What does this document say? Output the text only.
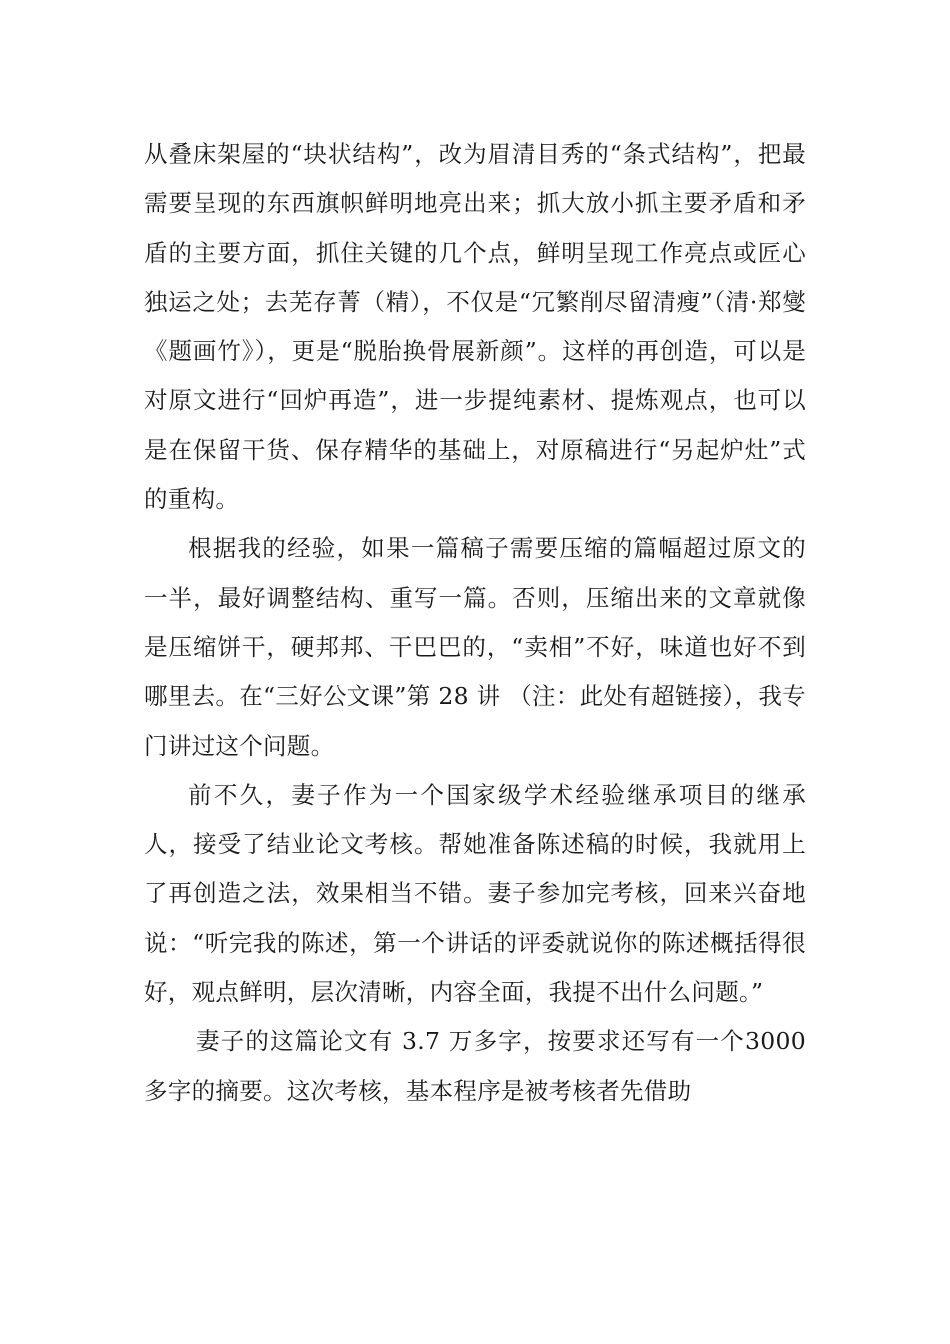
从叠床架屋的“块状结构”，改为眉清目秀的“条式结构”，把最需要呈现的东西旗帜鲜明地亮出来；抓大放小抓主要矛盾和矛盾的主要方面，抓住关键的几个点，鲜明呈现工作亮点或匠心独运之处；去芜存菁（精），不仅是“冗繁削尽留清瘦”（清·郑燮《题画竹》），更是“脱胎换骨展新颜”。这样的再创造，可以是对原文进行“回炉再造”，进一步提纯素材、提炼观点，也可以是在保留干货、保存精华的基础上，对原稿进行“另起炉灶”式的重构。

根据我的经验，如果一篇稿子需要压缩的篇幅超过原文的一半，最好调整结构、重写一篇。否则，压缩出来的文章就像是压缩饼干，硬邦邦、干巴巴的，“卖相”不好，味道也好不到哪里去。在“三好公文课”第 28 讲 （注：此处有超链接），我专门讲过这个问题。

前不久，妻子作为一个国家级学术经验继承项目的继承人，接受了结业论文考核。帮她准备陈述稿的时候，我就用上了再创造之法，效果相当不错。妻子参加完考核，回来兴奋地说：“听完我的陈述，第一个讲话的评委就说你的陈述概括得很好，观点鲜明，层次清晰，内容全面，我提不出什么问题。”

妻子的这篇论文有 3.7 万多字，按要求还写有一个3000 多字的摘要。这次考核，基本程序是被考核者先借助
